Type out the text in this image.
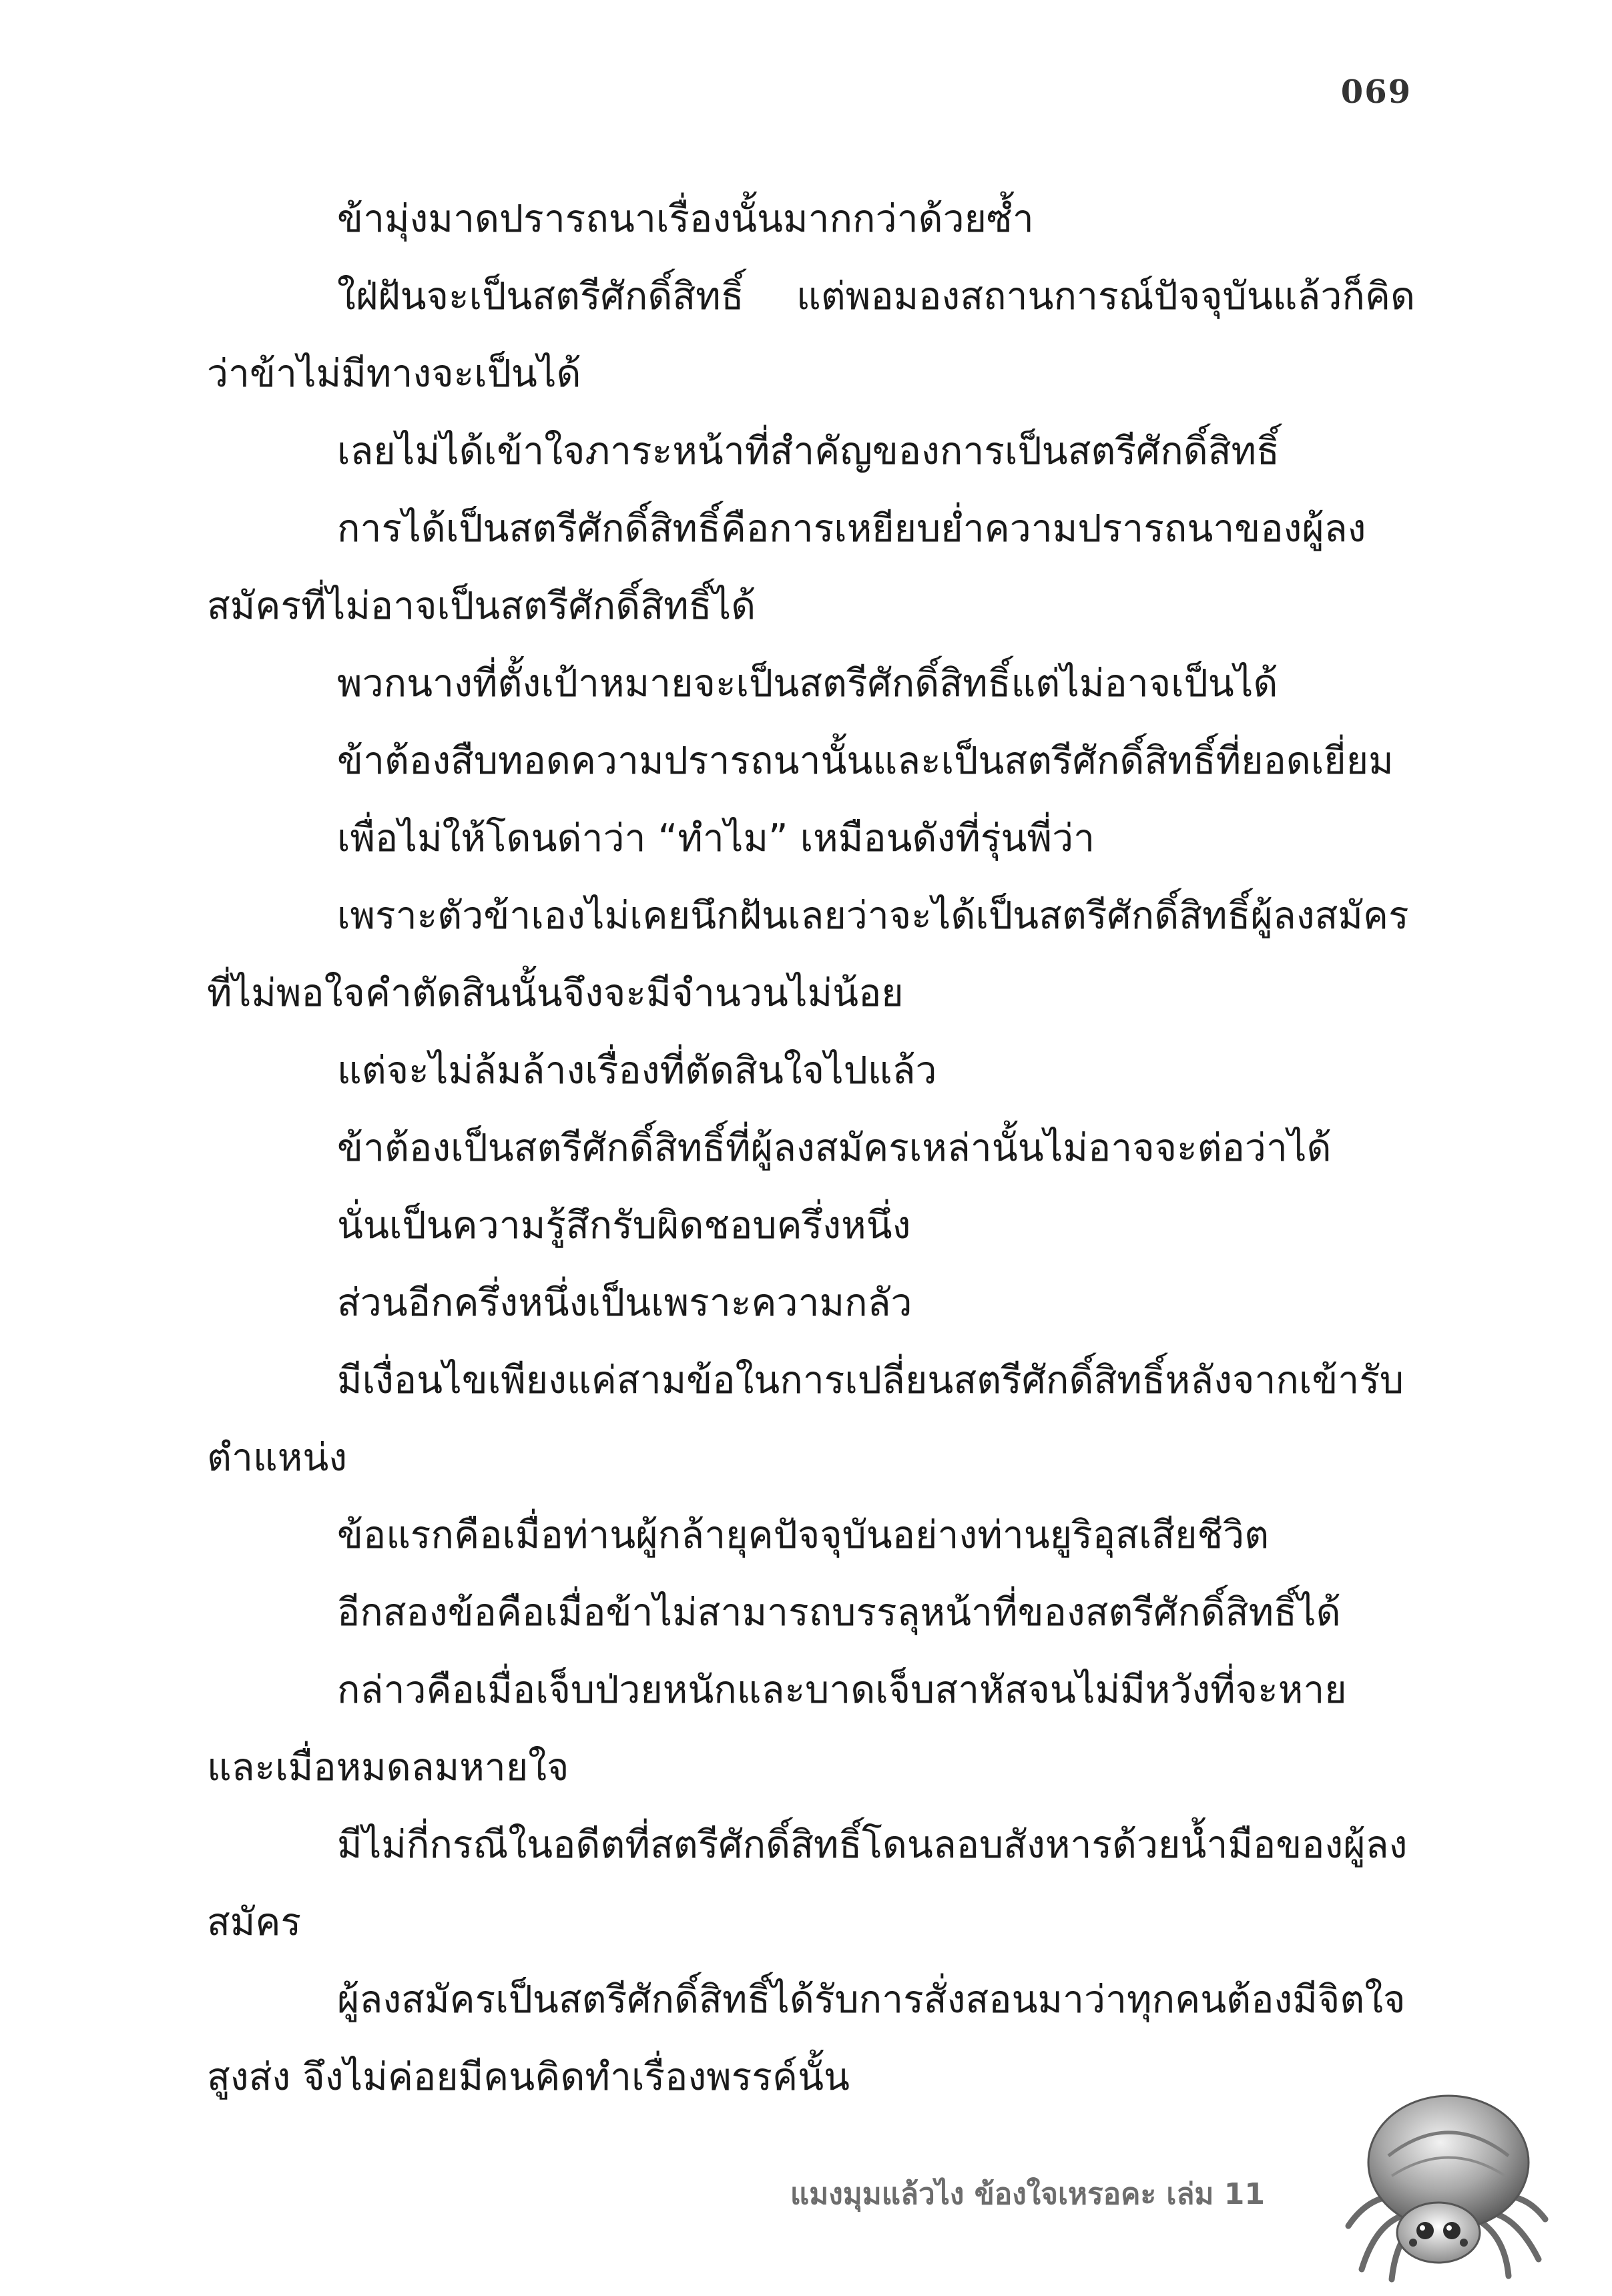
069

ข้ามุ่งมาดปรารถนาเรื่องนั้นมากกว่าด้วยซ้ำ

ใฝ่ฝันจะเป็นสตรีศักดิ์สิทธิ์ แต่พอมองสถานการณ์ปัจจุบันแล้วก็คิดว่าข้าไม่มีทางจะเป็นได้

เลยไม่ได้เข้าใจภาระหน้าที่สำคัญของการเป็นสตรีศักดิ์สิทธิ์

การได้เป็นสตรีศักดิ์สิทธิ์คือการเหยียบย่ำความปรารถนาของผู้ลงสมัครที่ไม่อาจเป็นสตรีศักดิ์สิทธิ์ได้

พวกนางที่ตั้งเป้าหมายจะเป็นสตรีศักดิ์สิทธิ์แต่ไม่อาจเป็นได้

ข้าต้องสืบทอดความปรารถนานั้นและเป็นสตรีศักดิ์สิทธิ์ที่ยอดเยี่ยม

เพื่อไม่ให้โดนด่าว่า “ทำไม” เหมือนดังที่รุ่นพี่ว่า

เพราะตัวข้าเองไม่เคยนึกฝันเลยว่าจะได้เป็นสตรีศักดิ์สิทธิ์ผู้ลงสมัครที่ไม่พอใจคำตัดสินนั้นจึงจะมีจำนวนไม่น้อย

แต่จะไม่ล้มล้างเรื่องที่ตัดสินใจไปแล้ว

ข้าต้องเป็นสตรีศักดิ์สิทธิ์ที่ผู้ลงสมัครเหล่านั้นไม่อาจจะต่อว่าได้

นั่นเป็นความรู้สึกรับผิดชอบครึ่งหนึ่ง

ส่วนอีกครึ่งหนึ่งเป็นเพราะความกลัว

มีเงื่อนไขเพียงแค่สามข้อในการเปลี่ยนสตรีศักดิ์สิทธิ์หลังจากเข้ารับตำแหน่ง

ข้อแรกคือเมื่อท่านผู้กล้ายุคปัจจุบันอย่างท่านยูริอุสเสียชีวิต

อีกสองข้อคือเมื่อข้าไม่สามารถบรรลุหน้าที่ของสตรีศักดิ์สิทธิ์ได้

กล่าวคือเมื่อเจ็บป่วยหนักและบาดเจ็บสาหัสจนไม่มีหวังที่จะหาย และเมื่อหมดลมหายใจ

มีไม่กี่กรณีในอดีตที่สตรีศักดิ์สิทธิ์โดนลอบสังหารด้วยน้ำมือของผู้ลงสมัคร

ผู้ลงสมัครเป็นสตรีศักดิ์สิทธิ์ได้รับการสั่งสอนมาว่าทุกคนต้องมีจิตใจสูงส่ง จึงไม่ค่อยมีคนคิดทำเรื่องพรรค์นั้น

แมงมุมแล้วไง ข้องใจเหรอคะ เล่ม 11
